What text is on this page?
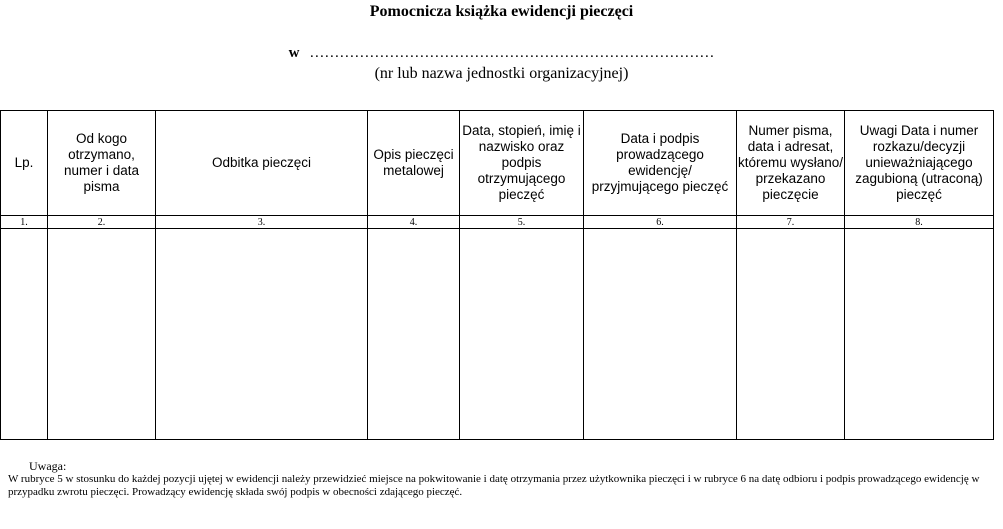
Pomocnicza książka ewidencji pieczęci
w ………………………………………………………………………
(nr lub nazwa jednostki organizacyjnej)
Lp.	Od kogo otrzymano, numer i data pisma	Odbitka pieczęci	Opis pieczęci metalowej	Data, stopień, imię i nazwisko oraz podpis otrzymującego pieczęć	Data i podpis prowadzącego ewidencję/ przyjmującego pieczęć	Numer pisma, data i adresat, któremu wysłano/ przekazano pieczęcie	Uwagi Data i numer rozkazu/decyzji unieważniającego zagubioną (utraconą) pieczęć
1.	2.	3.	4.	5.	6.	7.	8.

Uwaga:
W rubryce 5 w stosunku do każdej pozycji ujętej w ewidencji należy przewidzieć miejsce na pokwitowanie i datę otrzymania przez użytkownika pieczęci i w rubryce 6 na datę odbioru i podpis prowadzącego ewidencję w przypadku zwrotu pieczęci. Prowadzący ewidencję składa swój podpis w obecności zdającego pieczęć.
